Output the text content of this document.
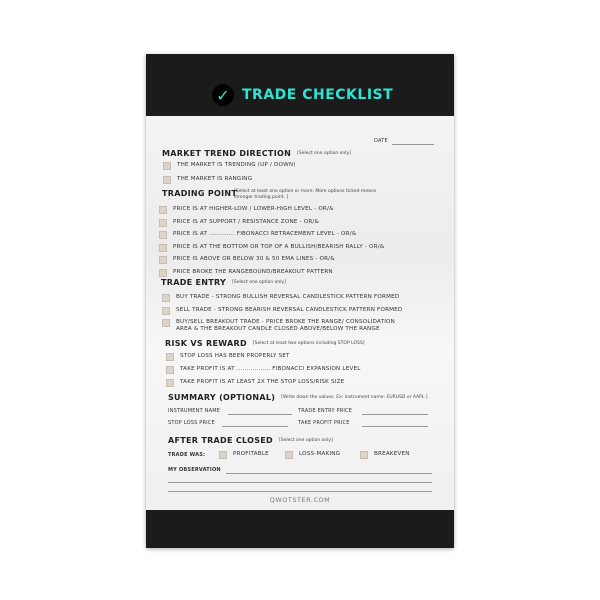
✓ TRADE CHECKLIST
DATE
MARKET TREND DIRECTION [Select one option only]
THE MARKET IS TRENDING (UP / DOWN)
THE MARKET IS RANGING
TRADING POINT
[Select at least one option or more. More options ticked means stronger trading point. ]
PRICE IS AT HIGHER-LOW / LOWER-HIGH LEVEL - OR/&
PRICE IS AT SUPPORT / RESISTANCE ZONE - OR/&
PRICE IS AT ............. FIBONACCI RETRACEMENT LEVEL - OR/&
PRICE IS AT THE BOTTOM OR TOP OF A BULLISH/BEARISH RALLY - OR/&
PRICE IS ABOVE OR BELOW 30 & 50 EMA LINES - OR/&
PRICE BROKE THE RANGEBOUND/BREAKOUT PATTERN
TRADE ENTRY [Select one option only]
BUY TRADE - STRONG BULLISH REVERSAL CANDLESTICK PATTERN FORMED
SELL TRADE - STRONG BEARISH REVERSAL CANDLESTICK PATTERN FORMED
BUY/SELL BREAKOUT TRADE - PRICE BROKE THE RANGE/ CONSOLIDATION
AREA & THE BREAKOUT CANDLE CLOSED ABOVE/BELOW THE RANGE
RISK VS REWARD [Select at least two options including STOP LOSS]
STOP LOSS HAS BEEN PROPERLY SET
TAKE PROFIT IS AT ................. FIBONACCI EXPANSION LEVEL
TAKE PROFIT IS AT LEAST 2X THE STOP LOSS/RISK SIZE
SUMMARY (OPTIONAL) [Write down the values. Ex: instrument name: EURUSD or AAPL ]
INSTRUMENT NAME	TRADE ENTRY PRICE
STOP LOSS PRICE	TAKE PROFIT PRICE
AFTER TRADE CLOSED [Select one option only]
TRADE WAS:	PROFITABLE	LOSS-MAKING	BREAKEVEN
MY OBSERVATION
QWOTSTER.COM
